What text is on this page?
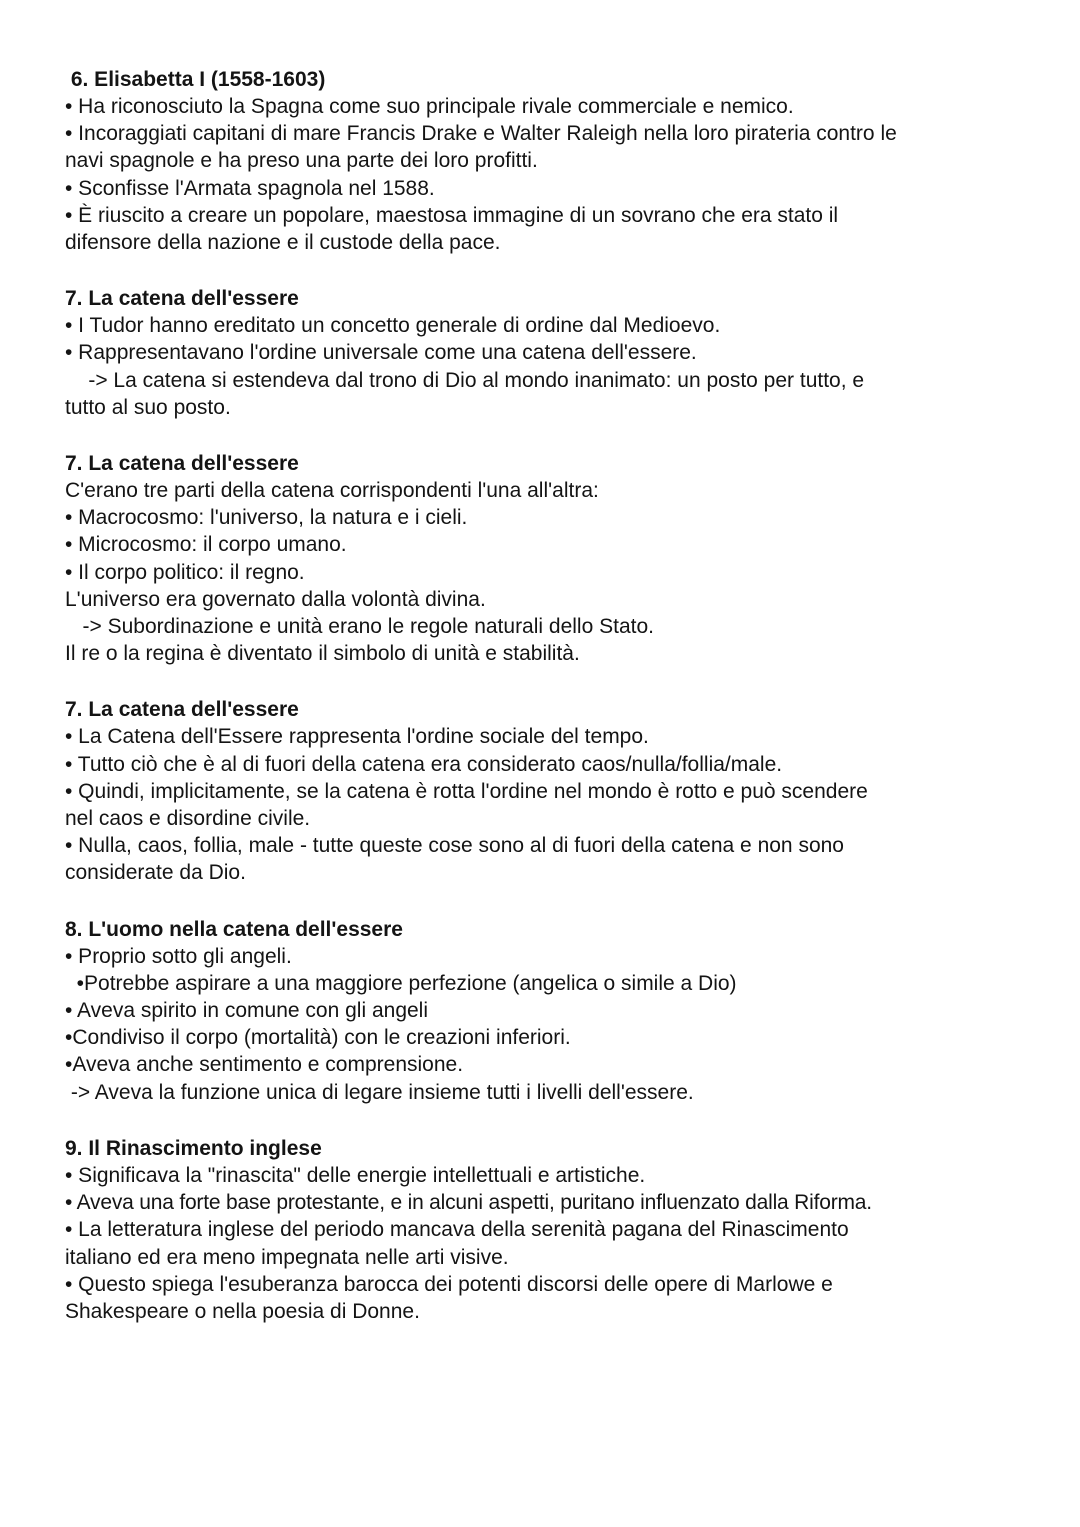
6. Elisabetta I (1558-1603)

• Ha riconosciuto la Spagna come suo principale rivale commerciale e nemico.

• Incoraggiati capitani di mare Francis Drake e Walter Raleigh nella loro pirateria contro le

navi spagnole e ha preso una parte dei loro profitti.

• Sconfisse l'Armata spagnola nel 1588.

• È riuscito a creare un popolare, maestosa immagine di un sovrano che era stato il

difensore della nazione e il custode della pace.

7. La catena dell'essere

• I Tudor hanno ereditato un concetto generale di ordine dal Medioevo.

• Rappresentavano l'ordine universale come una catena dell'essere.

-> La catena si estendeva dal trono di Dio al mondo inanimato: un posto per tutto, e

tutto al suo posto.

7. La catena dell'essere

C'erano tre parti della catena corrispondenti l'una all'altra:

• Macrocosmo: l'universo, la natura e i cieli.

• Microcosmo: il corpo umano.

• Il corpo politico: il regno.

L'universo era governato dalla volontà divina.

-> Subordinazione e unità erano le regole naturali dello Stato.

Il re o la regina è diventato il simbolo di unità e stabilità.

7. La catena dell'essere

• La Catena dell'Essere rappresenta l'ordine sociale del tempo.

• Tutto ciò che è al di fuori della catena era considerato caos/nulla/follia/male.

• Quindi, implicitamente, se la catena è rotta l'ordine nel mondo è rotto e può scendere

nel caos e disordine civile.

• Nulla, caos, follia, male - tutte queste cose sono al di fuori della catena e non sono

considerate da Dio.

8. L'uomo nella catena dell'essere

• Proprio sotto gli angeli.

•Potrebbe aspirare a una maggiore perfezione (angelica o simile a Dio)

• Aveva spirito in comune con gli angeli

•Condiviso il corpo (mortalità) con le creazioni inferiori.

•Aveva anche sentimento e comprensione.

-> Aveva la funzione unica di legare insieme tutti i livelli dell'essere.

9. Il Rinascimento inglese

• Significava la "rinascita" delle energie intellettuali e artistiche.

• Aveva una forte base protestante, e in alcuni aspetti, puritano influenzato dalla Riforma.

• La letteratura inglese del periodo mancava della serenità pagana del Rinascimento

italiano ed era meno impegnata nelle arti visive.

• Questo spiega l'esuberanza barocca dei potenti discorsi delle opere di Marlowe e

Shakespeare o nella poesia di Donne.
